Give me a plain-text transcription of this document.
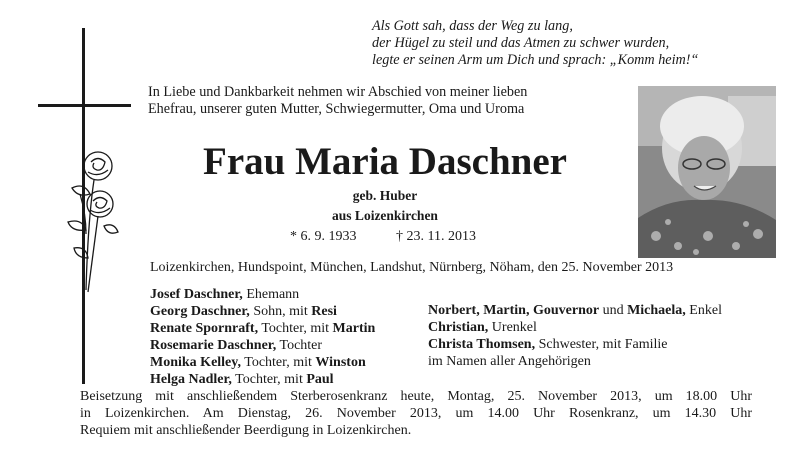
Als Gott sah, dass der Weg zu lang,
der Hügel zu steil und das Atmen zu schwer wurden,
legte er seinen Arm um Dich und sprach: „Komm heim!“
In Liebe und Dankbarkeit nehmen wir Abschied von meiner lieben
Ehefrau, unserer guten Mutter, Schwiegermutter, Oma und Uroma
Frau Maria Daschner
geb. Huber
aus Loizenkirchen
* 6. 9. 1933	† 23. 11. 2013
Loizenkirchen, Hundspoint, München, Landshut, Nürnberg, Nöham, den 25. November 2013
Josef Daschner, Ehemann
Georg Daschner, Sohn, mit Resi
Renate Spornraft, Tochter, mit Martin
Rosemarie Daschner, Tochter
Monika Kelley, Tochter, mit Winston
Helga Nadler, Tochter, mit Paul
Norbert, Martin, Gouvernor und Michaela, Enkel
Christian, Urenkel
Christa Thomsen, Schwester, mit Familie
im Namen aller Angehörigen
Beisetzung mit anschließendem Sterberosenkranz heute, Montag, 25. November 2013, um 18.00 Uhr
in Loizenkirchen. Am Dienstag, 26. November 2013, um 14.00 Uhr Rosenkranz, um 14.30 Uhr
Requiem mit anschließender Beerdigung in Loizenkirchen.
